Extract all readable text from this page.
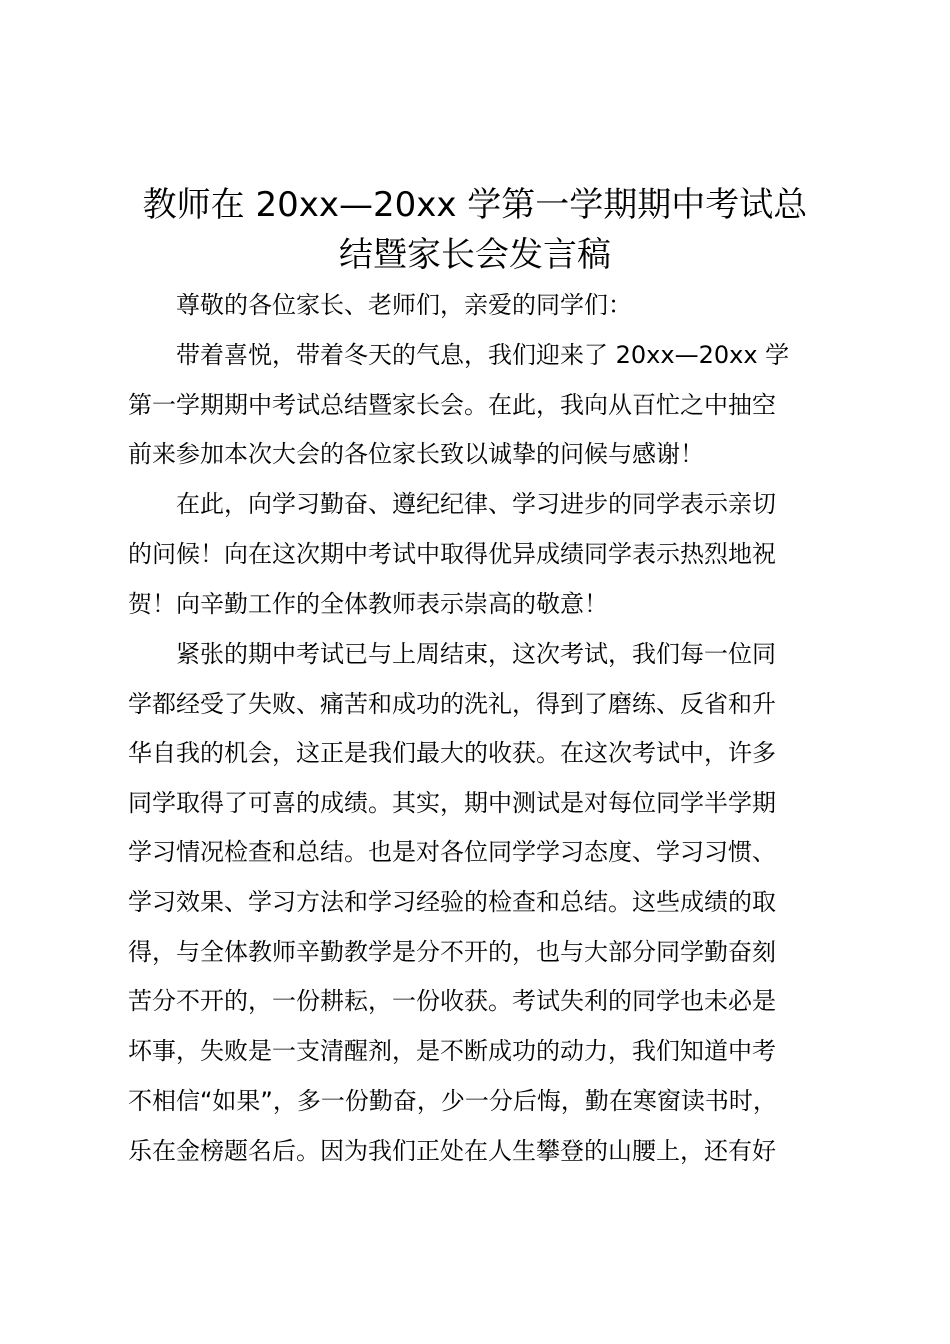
教师在 20xx—20xx 学第一学期期中考试总
结暨家长会发言稿
尊敬的各位家长、老师们，亲爱的同学们：
带着喜悦，带着冬天的气息，我们迎来了 20xx—20xx 学
第一学期期中考试总结暨家长会。在此，我向从百忙之中抽空
前来参加本次大会的各位家长致以诚挚的问候与感谢！
在此，向学习勤奋、遵纪纪律、学习进步的同学表示亲切
的问候！向在这次期中考试中取得优异成绩同学表示热烈地祝
贺！向辛勤工作的全体教师表示崇高的敬意！
紧张的期中考试已与上周结束，这次考试，我们每一位同
学都经受了失败、痛苦和成功的洗礼，得到了磨练、反省和升
华自我的机会，这正是我们最大的收获。在这次考试中，许多
同学取得了可喜的成绩。其实，期中测试是对每位同学半学期
学习情况检查和总结。也是对各位同学学习态度、学习习惯、
学习效果、学习方法和学习经验的检查和总结。这些成绩的取
得，与全体教师辛勤教学是分不开的，也与大部分同学勤奋刻
苦分不开的，一份耕耘，一份收获。考试失利的同学也未必是
坏事，失败是一支清醒剂，是不断成功的动力，我们知道中考
不相信“如果”，多一份勤奋，少一分后悔，勤在寒窗读书时，
乐在金榜题名后。因为我们正处在人生攀登的山腰上，还有好
